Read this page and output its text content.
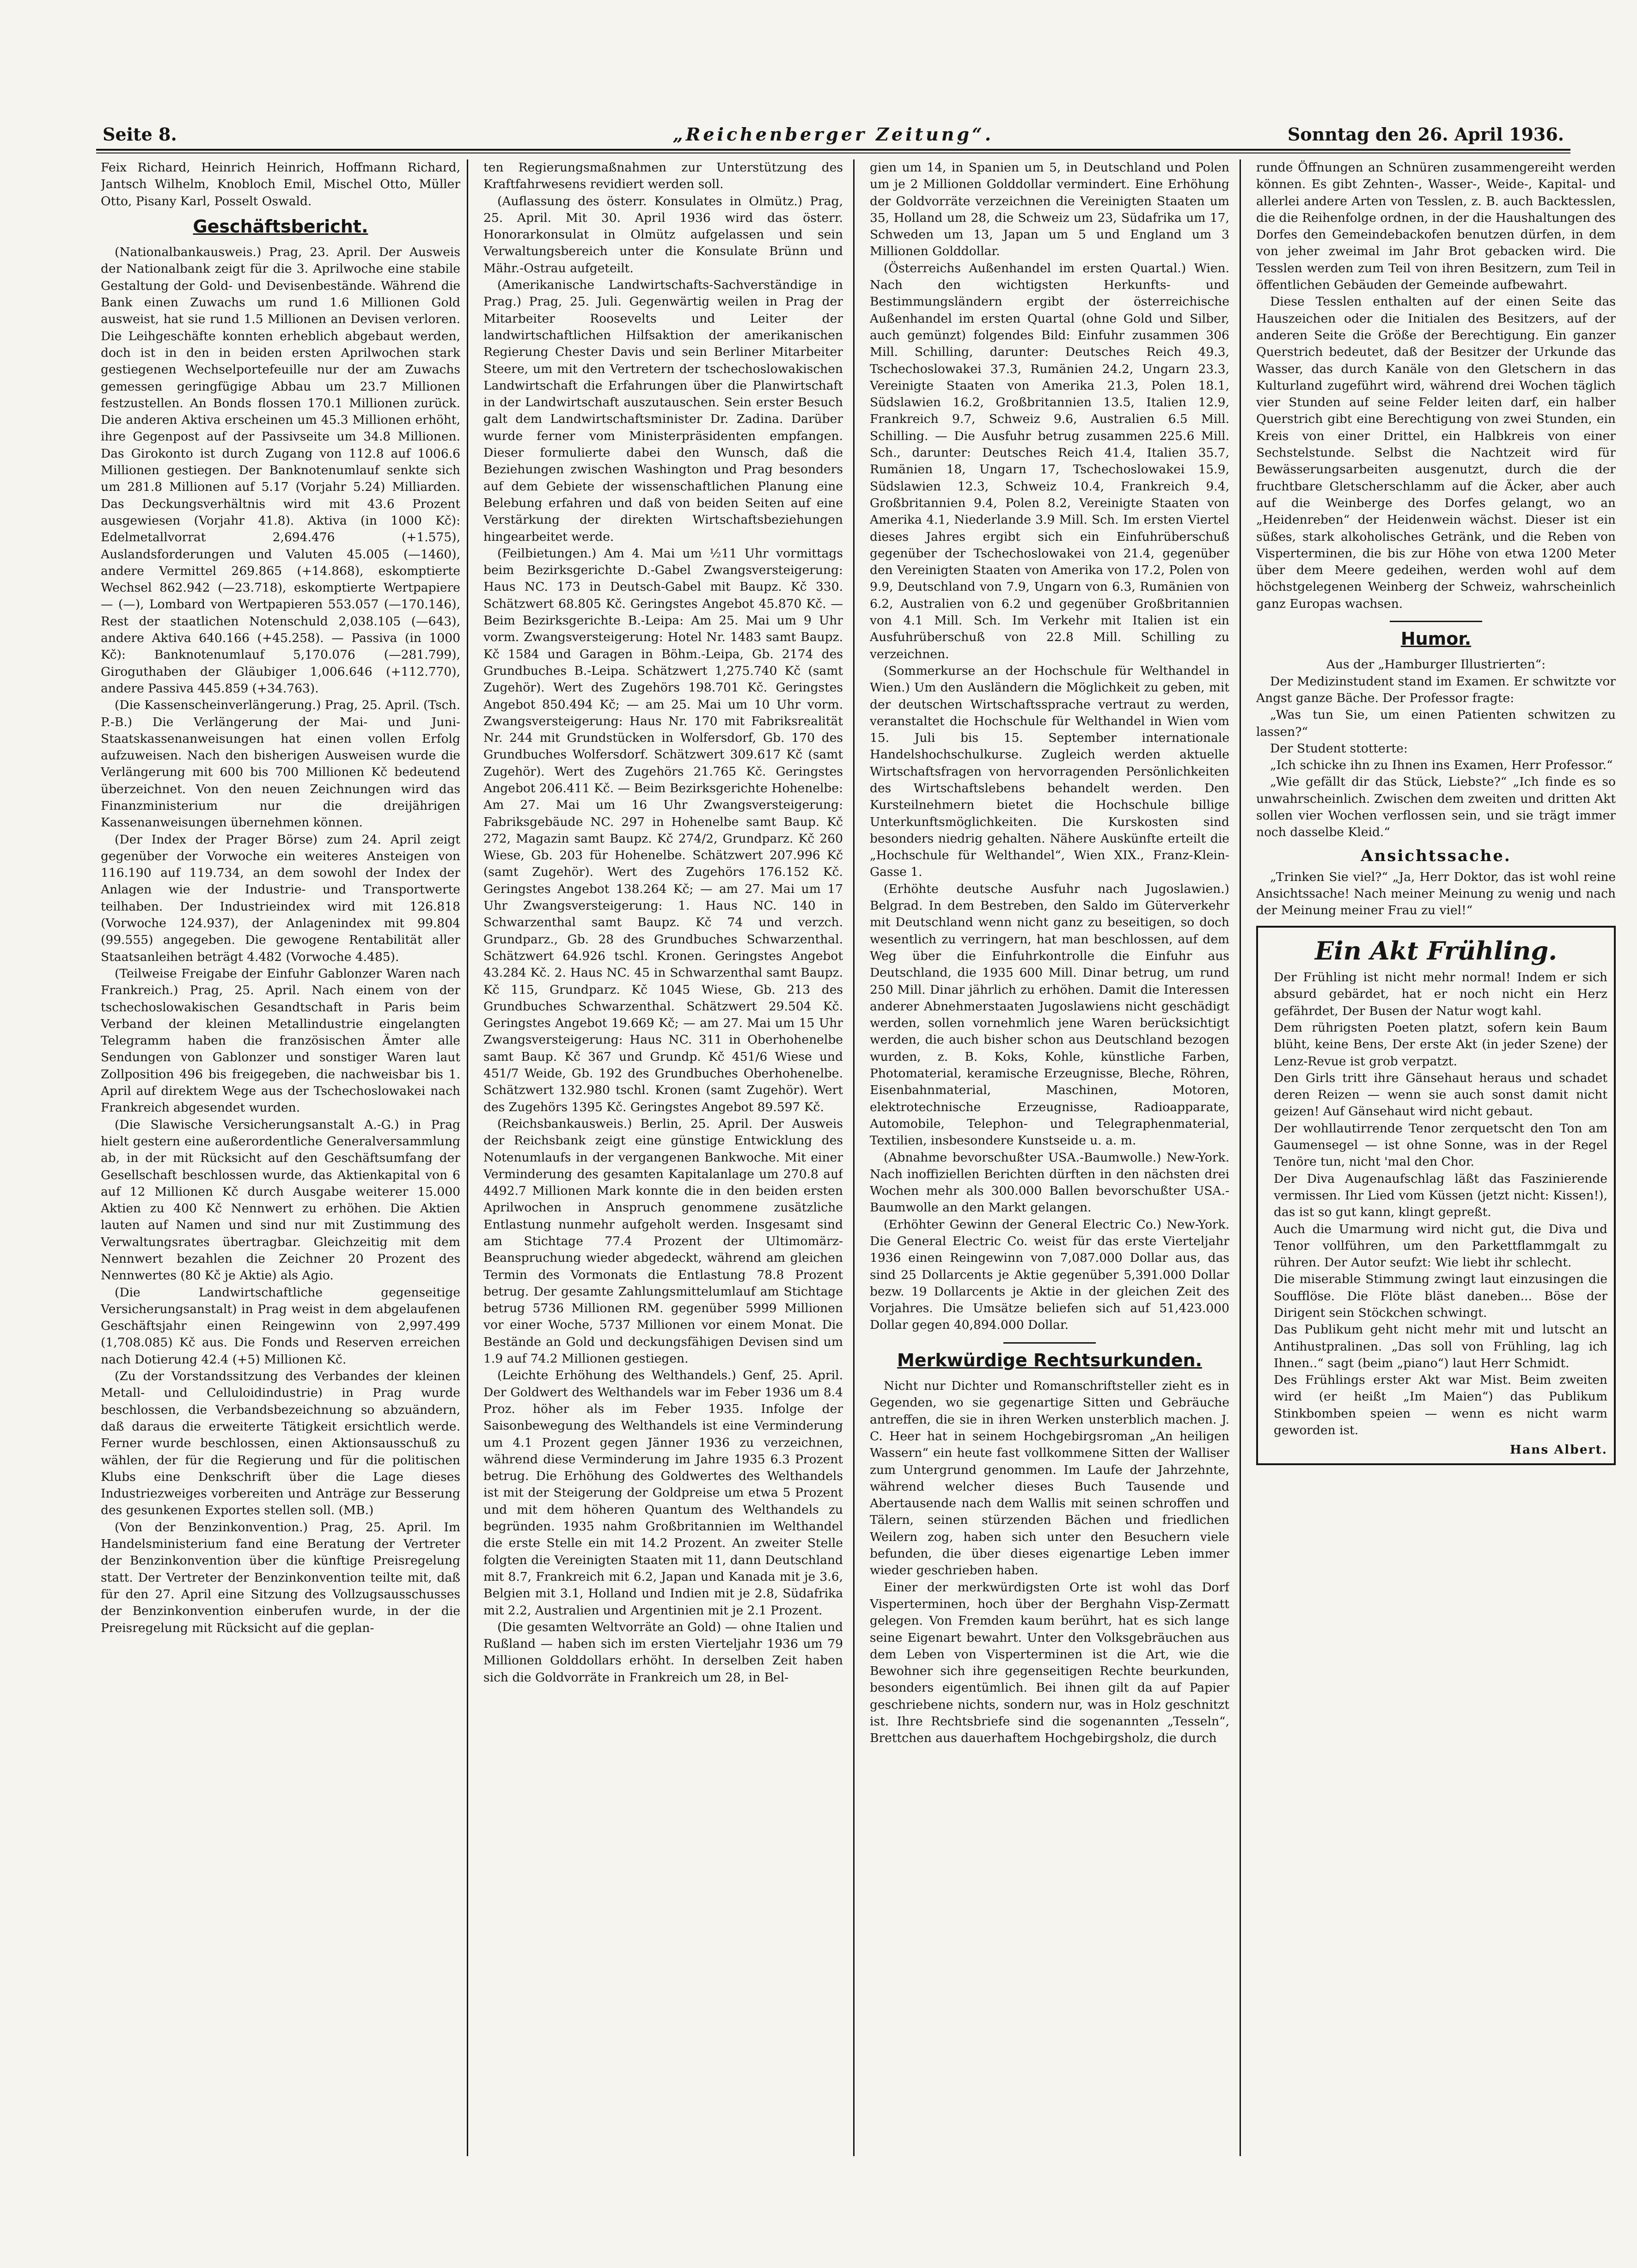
Seite 8.	„Reichenberger Zeitung“.	Sonntag den 26. April 1936.

Feix Richard, Heinrich Heinrich, Hoffmann Richard, Jantsch Wilhelm, Knobloch Emil, Mischel Otto, Müller Otto, Pisany Karl, Posselt Oswald.

Geschäftsbericht.

(Nationalbankausweis.) Prag, 23. April. Der Ausweis der Nationalbank zeigt für die 3. Aprilwoche eine stabile Gestaltung der Gold- und Devisenbestände. Während die Bank einen Zuwachs um rund 1.6 Millionen Gold ausweist, hat sie rund 1.5 Millionen an Devisen verloren. Die Leihgeschäfte konnten erheblich abgebaut werden, doch ist in den in beiden ersten Aprilwochen stark gestiegenen Wechselportefeuille nur der am Zuwachs gemessen geringfügige Abbau um 23.7 Millionen festzustellen. An Bonds flossen 170.1 Millionen zurück. Die anderen Aktiva erscheinen um 45.3 Millionen erhöht, ihre Gegenpost auf der Passivseite um 34.8 Millionen. Das Girokonto ist durch Zugang von 112.8 auf 1006.6 Millionen gestiegen. Der Banknotenumlauf senkte sich um 281.8 Millionen auf 5.17 (Vorjahr 5.24) Milliarden. Das Deckungsverhältnis wird mit 43.6 Prozent ausgewiesen (Vorjahr 41.8). Aktiva (in 1000 Kč): Edelmetallvorrat 2,694.476 (+1.575), Auslandsforderungen und Valuten 45.005 (—1460), andere Vermittel 269.865 (+14.868), eskomptierte Wechsel 862.942 (—23.718), eskomptierte Wertpapiere — (—), Lombard von Wertpapieren 553.057 (—170.146), Rest der staatlichen Notenschuld 2,038.105 (—643), andere Aktiva 640.166 (+45.258). — Passiva (in 1000 Kč): Banknotenumlauf 5,170.076 (—281.799), Giroguthaben der Gläubiger 1,006.646 (+112.770), andere Passiva 445.859 (+34.763).

(Die Kassenscheinverlängerung.) Prag, 25. April. (Tsch. P.-B.) Die Verlängerung der Mai- und Juni-Staatskassenanweisungen hat einen vollen Erfolg aufzuweisen. Nach den bisherigen Ausweisen wurde die Verlängerung mit 600 bis 700 Millionen Kč bedeutend überzeichnet. Von den neuen Zeichnungen wird das Finanzministerium nur die dreijährigen Kassenanweisungen übernehmen können.

(Der Index der Prager Börse) zum 24. April zeigt gegenüber der Vorwoche ein weiteres Ansteigen von 116.190 auf 119.734, an dem sowohl der Index der Anlagen wie der Industrie- und Transportwerte teilhaben. Der Industrieindex wird mit 126.818 (Vorwoche 124.937), der Anlagenindex mit 99.804 (99.555) angegeben. Die gewogene Rentabilität aller Staatsanleihen beträgt 4.482 (Vorwoche 4.485).

(Teilweise Freigabe der Einfuhr Gablonzer Waren nach Frankreich.) Prag, 25. April. Nach einem von der tschechoslowakischen Gesandtschaft in Paris beim Verband der kleinen Metallindustrie eingelangten Telegramm haben die französischen Ämter alle Sendungen von Gablonzer und sonstiger Waren laut Zollposition 496 bis freigegeben, die nachweisbar bis 1. April auf direktem Wege aus der Tschechoslowakei nach Frankreich abgesendet wurden.

(Die Slawische Versicherungsanstalt A.-G.) in Prag hielt gestern eine außerordentliche Generalversammlung ab, in der mit Rücksicht auf den Geschäftsumfang der Gesellschaft beschlossen wurde, das Aktienkapital von 6 auf 12 Millionen Kč durch Ausgabe weiterer 15.000 Aktien zu 400 Kč Nennwert zu erhöhen. Die Aktien lauten auf Namen und sind nur mit Zustimmung des Verwaltungsrates übertragbar. Gleichzeitig mit dem Nennwert bezahlen die Zeichner 20 Prozent des Nennwertes (80 Kč je Aktie) als Agio.

(Die Landwirtschaftliche gegenseitige Versicherungsanstalt) in Prag weist in dem abgelaufenen Geschäftsjahr einen Reingewinn von 2,997.499 (1,708.085) Kč aus. Die Fonds und Reserven erreichen nach Dotierung 42.4 (+5) Millionen Kč.

(Zu der Vorstandssitzung des Verbandes der kleinen Metall- und Celluloidindustrie) in Prag wurde beschlossen, die Verbandsbezeichnung so abzuändern, daß daraus die erweiterte Tätigkeit ersichtlich werde. Ferner wurde beschlossen, einen Aktionsausschuß zu wählen, der für die Regierung und für die politischen Klubs eine Denkschrift über die Lage dieses Industriezweiges vorbereiten und Anträge zur Besserung des gesunkenen Exportes stellen soll. (MB.)

(Von der Benzinkonvention.) Prag, 25. April. Im Handelsministerium fand eine Beratung der Vertreter der Benzinkonvention über die künftige Preisregelung statt. Der Vertreter der Benzinkonvention teilte mit, daß für den 27. April eine Sitzung des Vollzugsausschusses der Benzinkonvention einberufen wurde, in der die Preisregelung mit Rücksicht auf die geplan-

ten Regierungsmaßnahmen zur Unterstützung des Kraftfahrwesens revidiert werden soll.

(Auflassung des österr. Konsulates in Olmütz.) Prag, 25. April. Mit 30. April 1936 wird das österr. Honorarkonsulat in Olmütz aufgelassen und sein Verwaltungsbereich unter die Konsulate Brünn und Mähr.-Ostrau aufgeteilt.

(Amerikanische Landwirtschafts-Sachverständige in Prag.) Prag, 25. Juli. Gegenwärtig weilen in Prag der Mitarbeiter Roosevelts und Leiter der landwirtschaftlichen Hilfsaktion der amerikanischen Regierung Chester Davis und sein Berliner Mitarbeiter Steere, um mit den Vertretern der tschechoslowakischen Landwirtschaft die Erfahrungen über die Planwirtschaft in der Landwirtschaft auszutauschen. Sein erster Besuch galt dem Landwirtschaftsminister Dr. Zadina. Darüber wurde ferner vom Ministerpräsidenten empfangen. Dieser formulierte dabei den Wunsch, daß die Beziehungen zwischen Washington und Prag besonders auf dem Gebiete der wissenschaftlichen Planung eine Belebung erfahren und daß von beiden Seiten auf eine Verstärkung der direkten Wirtschaftsbeziehungen hingearbeitet werde.

(Feilbietungen.) Am 4. Mai um ½11 Uhr vormittags beim Bezirksgerichte D.-Gabel Zwangsversteigerung: Haus NC. 173 in Deutsch-Gabel mit Baupz. Kč 330. Schätzwert 68.805 Kč. Geringstes Angebot 45.870 Kč. — Beim Bezirksgerichte B.-Leipa: Am 25. Mai um 9 Uhr vorm. Zwangsversteigerung: Hotel Nr. 1483 samt Baupz. Kč 1584 und Garagen in Böhm.-Leipa, Gb. 2174 des Grundbuches B.-Leipa. Schätzwert 1,275.740 Kč (samt Zugehör). Wert des Zugehörs 198.701 Kč. Geringstes Angebot 850.494 Kč; — am 25. Mai um 10 Uhr vorm. Zwangsversteigerung: Haus Nr. 170 mit Fabriksrealität Nr. 244 mit Grundstücken in Wolfersdorf, Gb. 170 des Grundbuches Wolfersdorf. Schätzwert 309.617 Kč (samt Zugehör). Wert des Zugehörs 21.765 Kč. Geringstes Angebot 206.411 Kč. — Beim Bezirksgerichte Hohenelbe: Am 27. Mai um 16 Uhr Zwangsversteigerung: Fabriksgebäude NC. 297 in Hohenelbe samt Baup. Kč 272, Magazin samt Baupz. Kč 274/2, Grundparz. Kč 260 Wiese, Gb. 203 für Hohenelbe. Schätzwert 207.996 Kč (samt Zugehör). Wert des Zugehörs 176.152 Kč. Geringstes Angebot 138.264 Kč; — am 27. Mai um 17 Uhr Zwangsversteigerung: 1. Haus NC. 140 in Schwarzenthal samt Baupz. Kč 74 und verzch. Grundparz., Gb. 28 des Grundbuches Schwarzenthal. Schätzwert 64.926 tschl. Kronen. Geringstes Angebot 43.284 Kč. 2. Haus NC. 45 in Schwarzenthal samt Baupz. Kč 115, Grundparz. Kč 1045 Wiese, Gb. 213 des Grundbuches Schwarzenthal. Schätzwert 29.504 Kč. Geringstes Angebot 19.669 Kč; — am 27. Mai um 15 Uhr Zwangsversteigerung: Haus NC. 311 in Oberhohenelbe samt Baup. Kč 367 und Grundp. Kč 451/6 Wiese und 451/7 Weide, Gb. 192 des Grundbuches Oberhohenelbe. Schätzwert 132.980 tschl. Kronen (samt Zugehör). Wert des Zugehörs 1395 Kč. Geringstes Angebot 89.597 Kč.

(Reichsbankausweis.) Berlin, 25. April. Der Ausweis der Reichsbank zeigt eine günstige Entwicklung des Notenumlaufs in der vergangenen Bankwoche. Mit einer Verminderung des gesamten Kapitalanlage um 270.8 auf 4492.7 Millionen Mark konnte die in den beiden ersten Aprilwochen in Anspruch genommene zusätzliche Entlastung nunmehr aufgeholt werden. Insgesamt sind am Stichtage 77.4 Prozent der Ultimomärz-Beanspruchung wieder abgedeckt, während am gleichen Termin des Vormonats die Entlastung 78.8 Prozent betrug. Der gesamte Zahlungsmittelumlauf am Stichtage betrug 5736 Millionen RM. gegenüber 5999 Millionen vor einer Woche, 5737 Millionen vor einem Monat. Die Bestände an Gold und deckungsfähigen Devisen sind um 1.9 auf 74.2 Millionen gestiegen.

(Leichte Erhöhung des Welthandels.) Genf, 25. April. Der Goldwert des Welthandels war im Feber 1936 um 8.4 Proz. höher als im Feber 1935. Infolge der Saisonbewegung des Welthandels ist eine Verminderung um 4.1 Prozent gegen Jänner 1936 zu verzeichnen, während diese Verminderung im Jahre 1935 6.3 Prozent betrug. Die Erhöhung des Goldwertes des Welthandels ist mit der Steigerung der Goldpreise um etwa 5 Prozent und mit dem höheren Quantum des Welthandels zu begründen. 1935 nahm Großbritannien im Welthandel die erste Stelle ein mit 14.2 Prozent. An zweiter Stelle folgten die Vereinigten Staaten mit 11, dann Deutschland mit 8.7, Frankreich mit 6.2, Japan und Kanada mit je 3.6, Belgien mit 3.1, Holland und Indien mit je 2.8, Südafrika mit 2.2, Australien und Argentinien mit je 2.1 Prozent.

(Die gesamten Weltvorräte an Gold) — ohne Italien und Rußland — haben sich im ersten Vierteljahr 1936 um 79 Millionen Golddollars erhöht. In derselben Zeit haben sich die Goldvorräte in Frankreich um 28, in Bel-

gien um 14, in Spanien um 5, in Deutschland und Polen um je 2 Millionen Golddollar vermindert. Eine Erhöhung der Goldvorräte verzeichnen die Vereinigten Staaten um 35, Holland um 28, die Schweiz um 23, Südafrika um 17, Schweden um 13, Japan um 5 und England um 3 Millionen Golddollar.

(Österreichs Außenhandel im ersten Quartal.) Wien. Nach den wichtigsten Herkunfts- und Bestimmungsländern ergibt der österreichische Außenhandel im ersten Quartal (ohne Gold und Silber, auch gemünzt) folgendes Bild: Einfuhr zusammen 306 Mill. Schilling, darunter: Deutsches Reich 49.3, Tschechoslowakei 37.3, Rumänien 24.2, Ungarn 23.3, Vereinigte Staaten von Amerika 21.3, Polen 18.1, Südslawien 16.2, Großbritannien 13.5, Italien 12.9, Frankreich 9.7, Schweiz 9.6, Australien 6.5 Mill. Schilling. — Die Ausfuhr betrug zusammen 225.6 Mill. Sch., darunter: Deutsches Reich 41.4, Italien 35.7, Rumänien 18, Ungarn 17, Tschechoslowakei 15.9, Südslawien 12.3, Schweiz 10.4, Frankreich 9.4, Großbritannien 9.4, Polen 8.2, Vereinigte Staaten von Amerika 4.1, Niederlande 3.9 Mill. Sch. Im ersten Viertel dieses Jahres ergibt sich ein Einfuhrüberschuß gegenüber der Tschechoslowakei von 21.4, gegenüber den Vereinigten Staaten von Amerika von 17.2, Polen von 9.9, Deutschland von 7.9, Ungarn von 6.3, Rumänien von 6.2, Australien von 6.2 und gegenüber Großbritannien von 4.1 Mill. Sch. Im Verkehr mit Italien ist ein Ausfuhrüberschuß von 22.8 Mill. Schilling zu verzeichnen.

(Sommerkurse an der Hochschule für Welthandel in Wien.) Um den Ausländern die Möglichkeit zu geben, mit der deutschen Wirtschaftssprache vertraut zu werden, veranstaltet die Hochschule für Welthandel in Wien vom 15. Juli bis 15. September internationale Handelshochschulkurse. Zugleich werden aktuelle Wirtschaftsfragen von hervorragenden Persönlichkeiten des Wirtschaftslebens behandelt werden. Den Kursteilnehmern bietet die Hochschule billige Unterkunftsmöglichkeiten. Die Kurskosten sind besonders niedrig gehalten. Nähere Auskünfte erteilt die „Hochschule für Welthandel“, Wien XIX., Franz-Klein-Gasse 1.

(Erhöhte deutsche Ausfuhr nach Jugoslawien.) Belgrad. In dem Bestreben, den Saldo im Güterverkehr mit Deutschland wenn nicht ganz zu beseitigen, so doch wesentlich zu verringern, hat man beschlossen, auf dem Weg über die Einfuhrkontrolle die Einfuhr aus Deutschland, die 1935 600 Mill. Dinar betrug, um rund 250 Mill. Dinar jährlich zu erhöhen. Damit die Interessen anderer Abnehmerstaaten Jugoslawiens nicht geschädigt werden, sollen vornehmlich jene Waren berücksichtigt werden, die auch bisher schon aus Deutschland bezogen wurden, z. B. Koks, Kohle, künstliche Farben, Photomaterial, keramische Erzeugnisse, Bleche, Röhren, Eisenbahnmaterial, Maschinen, Motoren, elektrotechnische Erzeugnisse, Radioapparate, Automobile, Telephon- und Telegraphenmaterial, Textilien, insbesondere Kunstseide u. a. m.

(Abnahme bevorschußter USA.-Baumwolle.) New-York. Nach inoffiziellen Berichten dürften in den nächsten drei Wochen mehr als 300.000 Ballen bevorschußter USA.-Baumwolle an den Markt gelangen.

(Erhöhter Gewinn der General Electric Co.) New-York. Die General Electric Co. weist für das erste Vierteljahr 1936 einen Reingewinn von 7,087.000 Dollar aus, das sind 25 Dollarcents je Aktie gegenüber 5,391.000 Dollar bezw. 19 Dollarcents je Aktie in der gleichen Zeit des Vorjahres. Die Umsätze beliefen sich auf 51,423.000 Dollar gegen 40,894.000 Dollar.

Merkwürdige Rechtsurkunden.

Nicht nur Dichter und Romanschriftsteller zieht es in Gegenden, wo sie gegenartige Sitten und Gebräuche antreffen, die sie in ihren Werken unsterblich machen. J. C. Heer hat in seinem Hochgebirgsroman „An heiligen Wassern“ ein heute fast vollkommene Sitten der Walliser zum Untergrund genommen. Im Laufe der Jahrzehnte, während welcher dieses Buch Tausende und Abertausende nach dem Wallis mit seinen schroffen und Tälern, seinen stürzenden Bächen und friedlichen Weilern zog, haben sich unter den Besuchern viele befunden, die über dieses eigenartige Leben immer wieder geschrieben haben.

Einer der merkwürdigsten Orte ist wohl das Dorf Visperterminen, hoch über der Berghahn Visp-Zermatt gelegen. Von Fremden kaum berührt, hat es sich lange seine Eigenart bewahrt. Unter den Volksgebräuchen aus dem Leben von Visperterminen ist die Art, wie die Bewohner sich ihre gegenseitigen Rechte beurkunden, besonders eigentümlich. Bei ihnen gilt da auf Papier geschriebene nichts, sondern nur, was in Holz geschnitzt ist. Ihre Rechtsbriefe sind die sogenannten „Tesseln“, Brettchen aus dauerhaftem Hochgebirgsholz, die durch

runde Öffnungen an Schnüren zusammengereiht werden können. Es gibt Zehnten-, Wasser-, Weide-, Kapital- und allerlei andere Arten von Tesslen, z. B. auch Backtesslen, die die Reihenfolge ordnen, in der die Haushaltungen des Dorfes den Gemeindebackofen benutzen dürfen, in dem von jeher zweimal im Jahr Brot gebacken wird. Die Tesslen werden zum Teil von ihren Besitzern, zum Teil in öffentlichen Gebäuden der Gemeinde aufbewahrt.

Diese Tesslen enthalten auf der einen Seite das Hauszeichen oder die Initialen des Besitzers, auf der anderen Seite die Größe der Berechtigung. Ein ganzer Querstrich bedeutet, daß der Besitzer der Urkunde das Wasser, das durch Kanäle von den Gletschern in das Kulturland zugeführt wird, während drei Wochen täglich vier Stunden auf seine Felder leiten darf, ein halber Querstrich gibt eine Berechtigung von zwei Stunden, ein Kreis von einer Drittel, ein Halbkreis von einer Sechstelstunde. Selbst die Nachtzeit wird für Bewässerungsarbeiten ausgenutzt, durch die der fruchtbare Gletscherschlamm auf die Äcker, aber auch auf die Weinberge des Dorfes gelangt, wo an „Heidenreben“ der Heidenwein wächst. Dieser ist ein süßes, stark alkoholisches Getränk, und die Reben von Visperterminen, die bis zur Höhe von etwa 1200 Meter über dem Meere gedeihen, werden wohl auf dem höchstgelegenen Weinberg der Schweiz, wahrscheinlich ganz Europas wachsen.

Humor.

Aus der „Hamburger Illustrierten“:

Der Medizinstudent stand im Examen. Er schwitzte vor Angst ganze Bäche. Der Professor fragte:

„Was tun Sie, um einen Patienten schwitzen zu lassen?“

Der Student stotterte:

„Ich schicke ihn zu Ihnen ins Examen, Herr Professor.“

„Wie gefällt dir das Stück, Liebste?“ „Ich finde es so unwahrscheinlich. Zwischen dem zweiten und dritten Akt sollen vier Wochen verflossen sein, und sie trägt immer noch dasselbe Kleid.“

Ansichtssache.

„Trinken Sie viel?“ „Ja, Herr Doktor, das ist wohl reine Ansichtssache! Nach meiner Meinung zu wenig und nach der Meinung meiner Frau zu viel!“

Ein Akt Frühling.

Der Frühling ist nicht mehr normal! Indem er sich absurd gebärdet, hat er noch nicht ein Herz gefährdet, Der Busen der Natur wogt kahl.

Dem rührigsten Poeten platzt, sofern kein Baum blüht, keine Bens, Der erste Akt (in jeder Szene) der Lenz-Revue ist grob verpatzt.

Den Girls tritt ihre Gänsehaut heraus und schadet deren Reizen — wenn sie auch sonst damit nicht geizen! Auf Gänsehaut wird nicht gebaut.

Der wohllautirrende Tenor zerquetscht den Ton am Gaumensegel — ist ohne Sonne, was in der Regel Tenöre tun, nicht 'mal den Chor.

Der Diva Augenaufschlag läßt das Faszinierende vermissen. Ihr Lied vom Küssen (jetzt nicht: Kissen!), das ist so gut kann, klingt gepreßt.

Auch die Umarmung wird nicht gut, die Diva und Tenor vollführen, um den Parkettflammgalt zu rühren. Der Autor seufzt: Wie liebt ihr schlecht.

Die miserable Stimmung zwingt laut einzusingen die Soufflöse. Die Flöte bläst daneben... Böse der Dirigent sein Stöckchen schwingt.

Das Publikum geht nicht mehr mit und lutscht an Antihustpralinen. „Das soll von Frühling, lag ich Ihnen..“ sagt (beim „piano“) laut Herr Schmidt.

Des Frühlings erster Akt war Mist. Beim zweiten wird (er heißt „Im Maien“) das Publikum Stinkbomben speien — wenn es nicht warm geworden ist.

Hans Albert.
